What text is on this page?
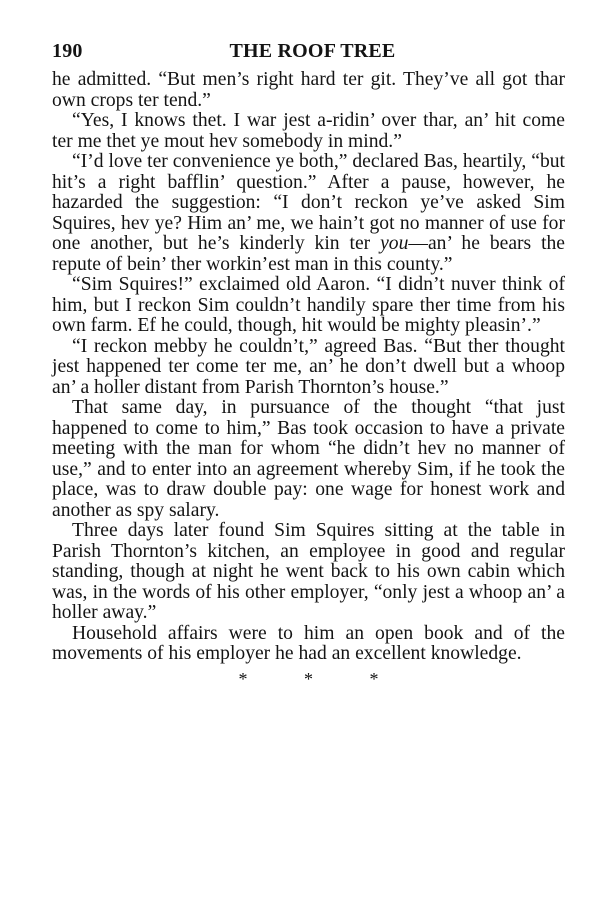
190	THE ROOF TREE

he admitted. “But men’s right hard ter git. They’ve all got thar own crops ter tend.”

“Yes, I knows thet. I war jest a-ridin’ over thar, an’ hit come ter me thet ye mout hev somebody in mind.”

“I’d love ter convenience ye both,” declared Bas, heartily, “but hit’s a right bafflin’ question.” After a pause, however, he hazarded the suggestion: “I don’t reckon ye’ve asked Sim Squires, hev ye? Him an’ me, we hain’t got no manner of use for one another, but he’s kinderly kin ter you—an’ he bears the repute of bein’ ther workin’est man in this county.”

“Sim Squires!” exclaimed old Aaron. “I didn’t nuver think of him, but I reckon Sim couldn’t handily spare ther time from his own farm. Ef he could, though, hit would be mighty pleasin’.”

“I reckon mebby he couldn’t,” agreed Bas. “But ther thought jest happened ter come ter me, an’ he don’t dwell but a whoop an’ a holler distant from Parish Thornton’s house.”

That same day, in pursuance of the thought “that just happened to come to him,” Bas took occasion to have a private meeting with the man for whom “he didn’t hev no manner of use,” and to enter into an agreement whereby Sim, if he took the place, was to draw double pay: one wage for honest work and another as spy salary.

Three days later found Sim Squires sitting at the table in Parish Thornton’s kitchen, an employee in good and regular standing, though at night he went back to his own cabin which was, in the words of his other employer, “only jest a whoop an’ a holler away.”

Household affairs were to him an open book and of the movements of his employer he had an excellent knowledge.

* * *
